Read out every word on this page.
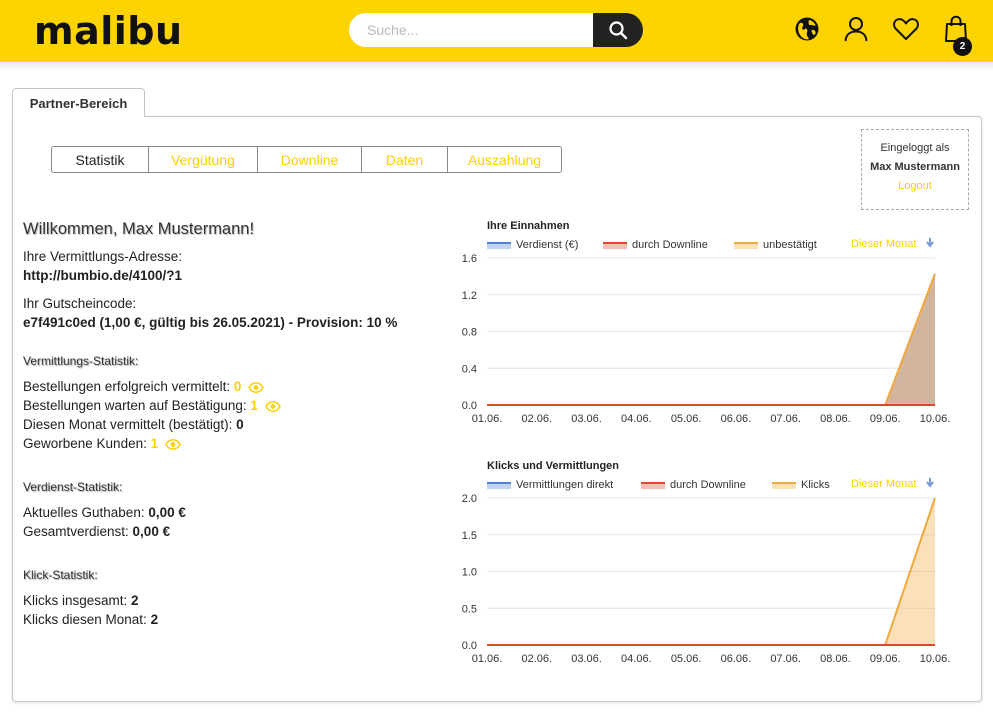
malibu
Suche...	2
Partner-Bereich
Statistik	Vergütung	Downline	Daten	Auszahlung
Eingeloggt als
Max Mustermann
Logout
Willkommen, Max Mustermann!
Ihre Vermittlungs-Adresse:
http://bumbio.de/4100/?1
Ihr Gutscheincode:
e7f491c0ed (1,00 €, gültig bis 26.05.2021) - Provision: 10 %
Vermittlungs-Statistik:
Bestellungen erfolgreich vermittelt: 0
Bestellungen warten auf Bestätigung: 1
Diesen Monat vermittelt (bestätigt): 0
Geworbene Kunden: 1
Verdienst-Statistik:
Aktuelles Guthaben: 0,00 €
Gesamtverdienst: 0,00 €
Klick-Statistik:
Klicks insgesamt: 2
Klicks diesen Monat: 2
Ihre Einnahmen
Verdienst (€)	durch Downline	unbestätigt	Dieser Monat
0.0
0.4
0.8
1.2
1.6
01.06. 02.06. 03.06. 04.06. 05.06. 06.06. 07.06. 08.06. 09.06. 10.06.
Klicks und Vermittlungen
Vermittlungen direkt	durch Downline	Klicks Dieser Monat
0.0
0.5
1.0
1.5
2.0
01.06. 02.06. 03.06. 04.06. 05.06. 06.06. 07.06. 08.06. 09.06. 10.06.
